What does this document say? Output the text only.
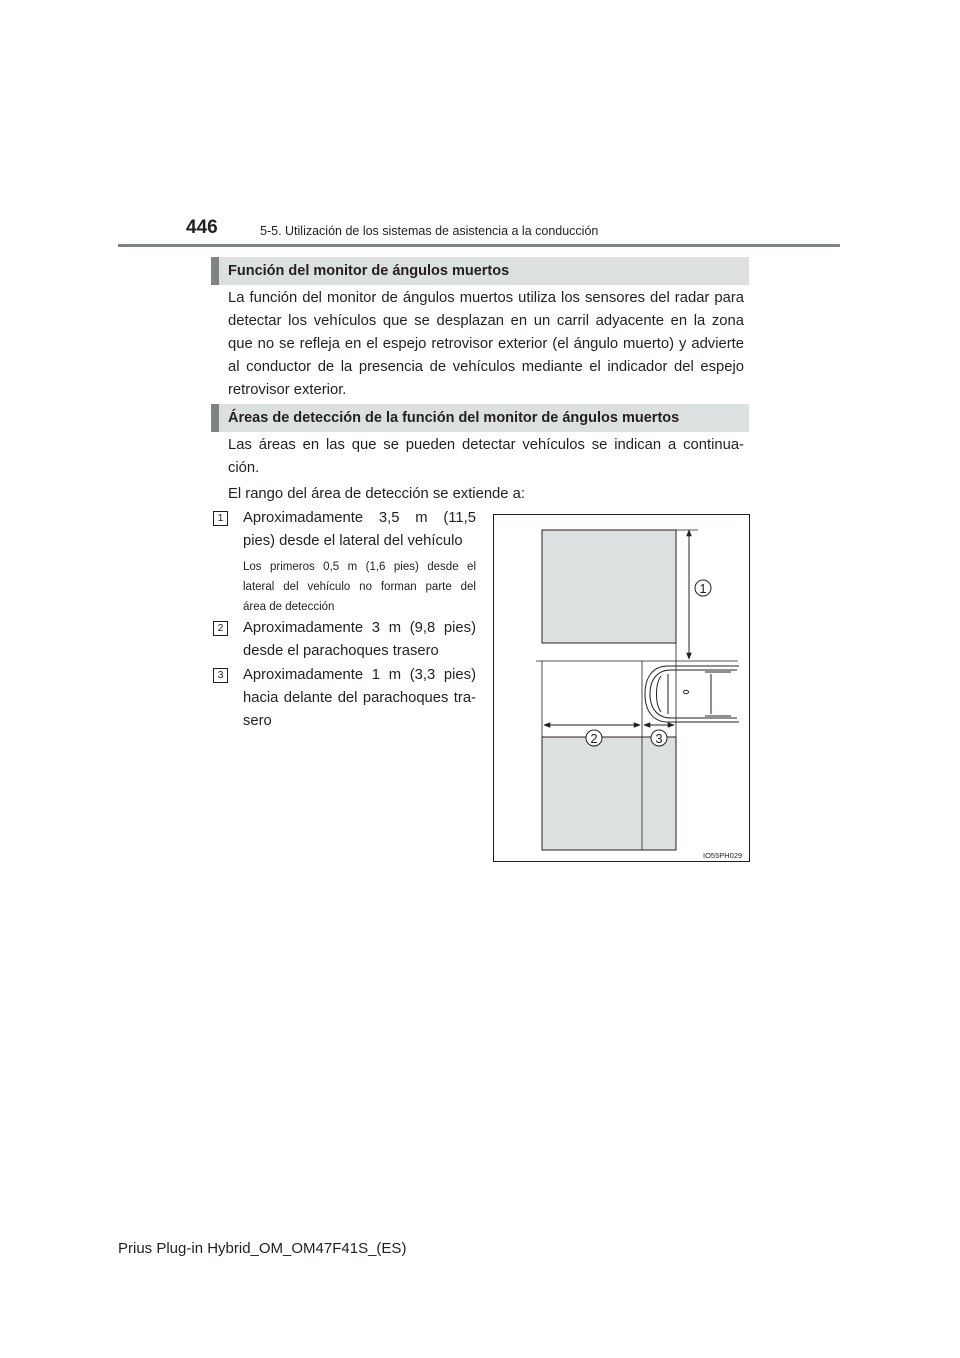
446	5-5. Utilización de los sistemas de asistencia a la conducción
Función del monitor de ángulos muertos
La función del monitor de ángulos muertos utiliza los sensores del radar para
detectar los vehículos que se desplazan en un carril adyacente en la zona
que no se refleja en el espejo retrovisor exterior (el ángulo muerto) y advierte
al conductor de la presencia de vehículos mediante el indicador del espejo
retrovisor exterior.
Áreas de detección de la función del monitor de ángulos muertos
Las áreas en las que se pueden detectar vehículos se indican a continua-
ción.
El rango del área de detección se extiende a:
1	Aproximadamente 3,5 m (11,5
pies) desde el lateral del vehículo
Los primeros 0,5 m (1,6 pies) desde el
lateral del vehículo no forman parte del
área de detección
2	Aproximadamente 3 m (9,8 pies)
desde el parachoques trasero
3	Aproximadamente 1 m (3,3 pies)
hacia delante del parachoques tra-
sero
1
2	3
IO55PH029
Prius Plug-in Hybrid_OM_OM47F41S_(ES)
